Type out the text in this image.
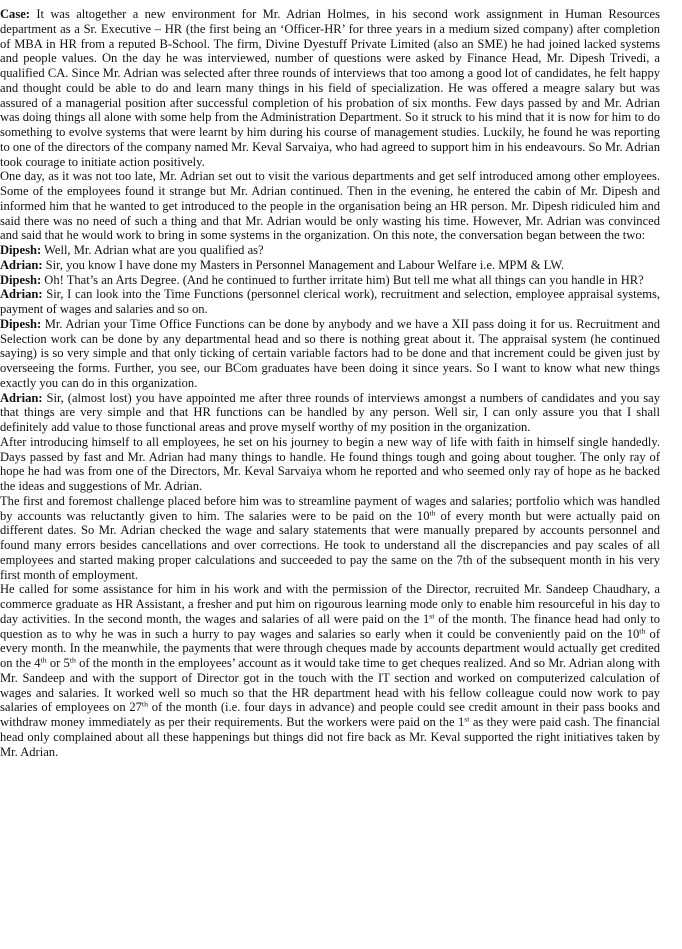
Case: It was altogether a new environment for Mr. Adrian Holmes, in his second work assignment in Human Resources department as a Sr. Executive – HR (the first being an ‘Officer-HR’ for three years in a medium sized company) after completion of MBA in HR from a reputed B-School. The firm, Divine Dyestuff Private Limited (also an SME) he had joined lacked systems and people values. On the day he was interviewed, number of questions were asked by Finance Head, Mr. Dipesh Trivedi, a qualified CA. Since Mr. Adrian was selected after three rounds of interviews that too among a good lot of candidates, he felt happy and thought could be able to do and learn many things in his field of specialization. He was offered a meagre salary but was assured of a managerial position after successful completion of his probation of six months. Few days passed by and Mr. Adrian was doing things all alone with some help from the Administration Department. So it struck to his mind that it is now for him to do something to evolve systems that were learnt by him during his course of management studies. Luckily, he found he was reporting to one of the directors of the company named Mr. Keval Sarvaiya, who had agreed to support him in his endeavours. So Mr. Adrian took courage to initiate action positively.

One day, as it was not too late, Mr. Adrian set out to visit the various departments and get self introduced among other employees. Some of the employees found it strange but Mr. Adrian continued. Then in the evening, he entered the cabin of Mr. Dipesh and informed him that he wanted to get introduced to the people in the organisation being an HR person. Mr. Dipesh ridiculed him and said there was no need of such a thing and that Mr. Adrian would be only wasting his time. However, Mr. Adrian was convinced and said that he would work to bring in some systems in the organization. On this note, the conversation began between the two:

Dipesh: Well, Mr. Adrian what are you qualified as?

Adrian: Sir, you know I have done my Masters in Personnel Management and Labour Welfare i.e. MPM & LW.

Dipesh: Oh! That’s an Arts Degree. (And he continued to further irritate him) But tell me what all things can you handle in HR?

Adrian: Sir, I can look into the Time Functions (personnel clerical work), recruitment and selection, employee appraisal systems, payment of wages and salaries and so on.

Dipesh: Mr. Adrian your Time Office Functions can be done by anybody and we have a XII pass doing it for us. Recruitment and Selection work can be done by any departmental head and so there is nothing great about it. The appraisal system (he continued saying) is so very simple and that only ticking of certain variable factors had to be done and that increment could be given just by overseeing the forms. Further, you see, our BCom graduates have been doing it since years. So I want to know what new things exactly you can do in this organization.

Adrian: Sir, (almost lost) you have appointed me after three rounds of interviews amongst a numbers of candidates and you say that things are very simple and that HR functions can be handled by any person. Well sir, I can only assure you that I shall definitely add value to those functional areas and prove myself worthy of my position in the organization.

After introducing himself to all employees, he set on his journey to begin a new way of life with faith in himself single handedly. Days passed by fast and Mr. Adrian had many things to handle. He found things tough and going about tougher. The only ray of hope he had was from one of the Directors, Mr. Keval Sarvaiya whom he reported and who seemed only ray of hope as he backed the ideas and suggestions of Mr. Adrian.

The first and foremost challenge placed before him was to streamline payment of wages and salaries; portfolio which was handled by accounts was reluctantly given to him. The salaries were to be paid on the 10th of every month but were actually paid on different dates. So Mr. Adrian checked the wage and salary statements that were manually prepared by accounts personnel and found many errors besides cancellations and over corrections. He took to understand all the discrepancies and pay scales of all employees and started making proper calculations and succeeded to pay the same on the 7th of the subsequent month in his very first month of employment.

He called for some assistance for him in his work and with the permission of the Director, recruited Mr. Sandeep Chaudhary, a commerce graduate as HR Assistant, a fresher and put him on rigourous learning mode only to enable him resourceful in his day to day activities. In the second month, the wages and salaries of all were paid on the 1st of the month. The finance head had only to question as to why he was in such a hurry to pay wages and salaries so early when it could be conveniently paid on the 10th of every month. In the meanwhile, the payments that were through cheques made by accounts department would actually get credited on the 4th or 5th of the month in the employees’ account as it would take time to get cheques realized. And so Mr. Adrian along with Mr. Sandeep and with the support of Director got in the touch with the IT section and worked on computerized calculation of wages and salaries. It worked well so much so that the HR department head with his fellow colleague could now work to pay salaries of employees on 27th of the month (i.e. four days in advance) and people could see credit amount in their pass books and withdraw money immediately as per their requirements. But the workers were paid on the 1st as they were paid cash. The financial head only complained about all these happenings but things did not fire back as Mr. Keval supported the right initiatives taken by Mr. Adrian.
